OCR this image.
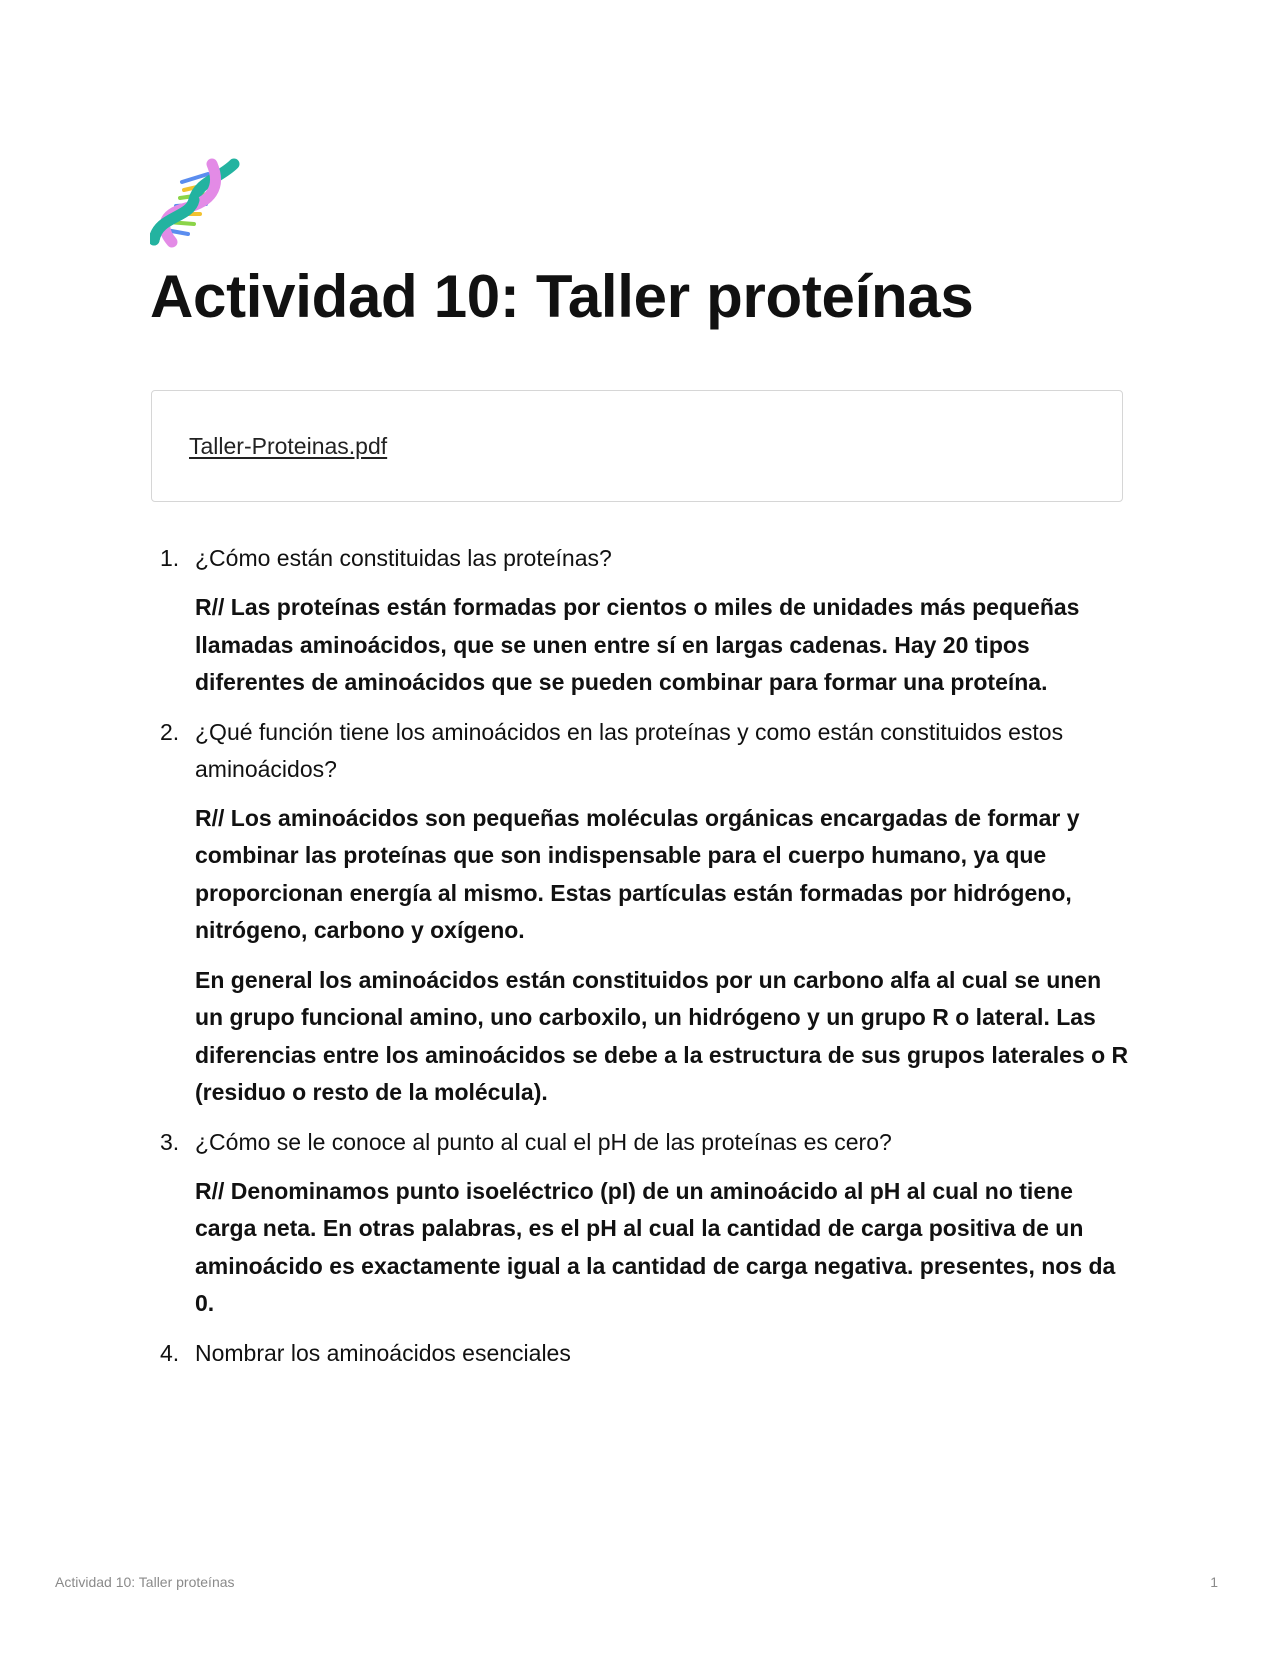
Actividad 10: Taller proteínas
Taller-Proteinas.pdf
1. ¿Cómo están constituidas las proteínas?

R// Las proteínas están formadas por cientos o miles de unidades más pequeñas llamadas aminoácidos, que se unen entre sí en largas cadenas. Hay 20 tipos diferentes de aminoácidos que se pueden combinar para formar una proteína.

2. ¿Qué función tiene los aminoácidos en las proteínas y como están constituidos estos aminoácidos?

R// Los aminoácidos son pequeñas moléculas orgánicas encargadas de formar y combinar las proteínas que son indispensable para el cuerpo humano, ya que proporcionan energía al mismo. Estas partículas están formadas por hidrógeno, nitrógeno, carbono y oxígeno.

En general los aminoácidos están constituidos por un carbono alfa al cual se unen un grupo funcional amino, uno carboxilo, un hidrógeno y un grupo R o lateral. Las diferencias entre los aminoácidos se debe a la estructura de sus grupos laterales o R (residuo o resto de la molécula).

3. ¿Cómo se le conoce al punto al cual el pH de las proteínas es cero?

R// Denominamos punto isoeléctrico (pI) de un aminoácido al pH al cual no tiene carga neta. En otras palabras, es el pH al cual la cantidad de carga positiva de un aminoácido es exactamente igual a la cantidad de carga negativa. presentes, nos da 0.

4. Nombrar los aminoácidos esenciales

Actividad 10: Taller proteínas	1
